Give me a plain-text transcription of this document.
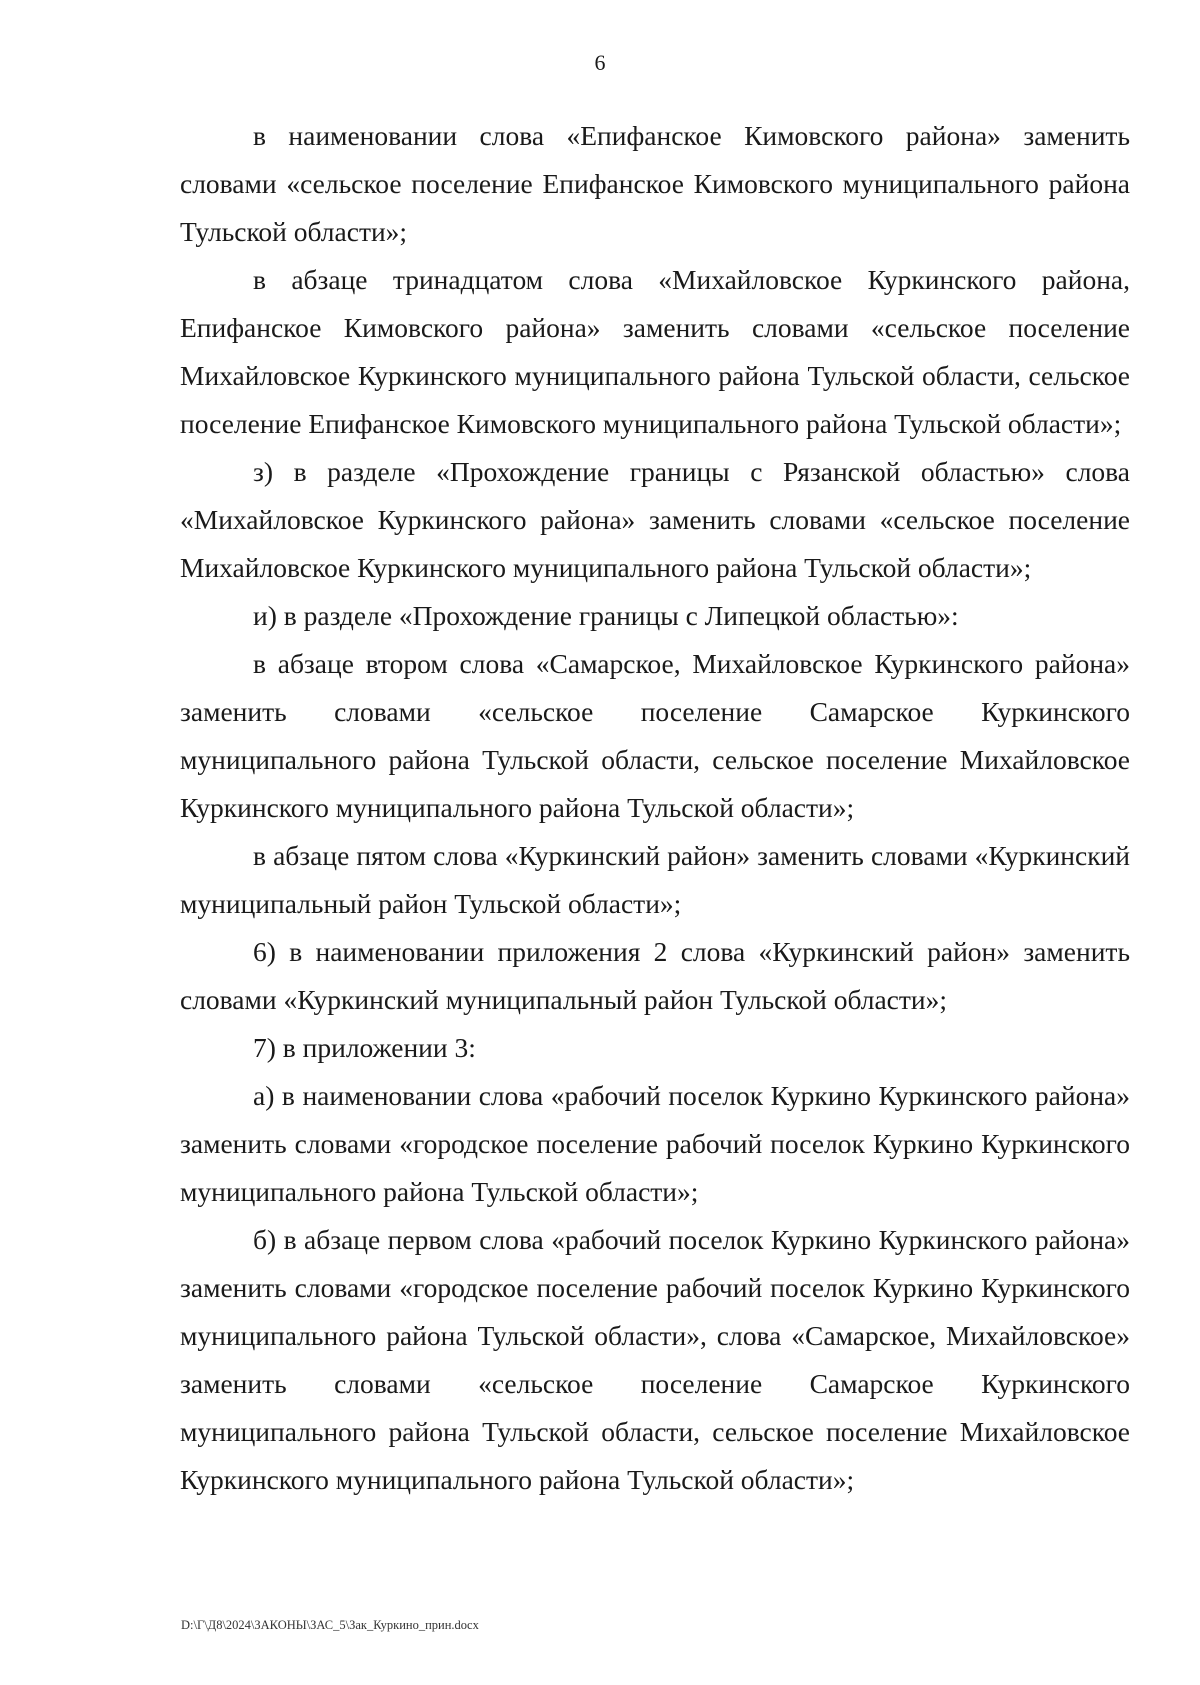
6

в наименовании слова «Епифанское Кимовского района» заменить словами «сельское поселение Епифанское Кимовского муниципального района Тульской области»;

в абзаце тринадцатом слова «Михайловское Куркинского района, Епифанское Кимовского района» заменить словами «сельское поселение Михайловское Куркинского муниципального района Тульской области, сельское поселение Епифанское Кимовского муниципального района Тульской области»;

з) в разделе «Прохождение границы с Рязанской областью» слова «Михайловское Куркинского района» заменить словами «сельское поселение Михайловское Куркинского муниципального района Тульской области»;

и) в разделе «Прохождение границы с Липецкой областью»:

в абзаце втором слова «Самарское, Михайловское Куркинского района» заменить словами «сельское поселение Самарское Куркинского муниципального района Тульской области, сельское поселение Михайловское Куркинского муниципального района Тульской области»;

в абзаце пятом слова «Куркинский район» заменить словами «Куркинский муниципальный район Тульской области»;

6) в наименовании приложения 2 слова «Куркинский район» заменить словами «Куркинский муниципальный район Тульской области»;

7) в приложении 3:

а) в наименовании слова «рабочий поселок Куркино Куркинского района» заменить словами «городское поселение рабочий поселок Куркино Куркинского муниципального района Тульской области»;

б) в абзаце первом слова «рабочий поселок Куркино Куркинского района» заменить словами «городское поселение рабочий поселок Куркино Куркинского муниципального района Тульской области», слова «Самарское, Михайловское» заменить словами «сельское поселение Самарское Куркинского муниципального района Тульской области, сельское поселение Михайловское Куркинского муниципального района Тульской области»;

D:\Г\Д8\2024\ЗАКОНЫ\ЗАС_5\Зак_Куркино_прин.docx
